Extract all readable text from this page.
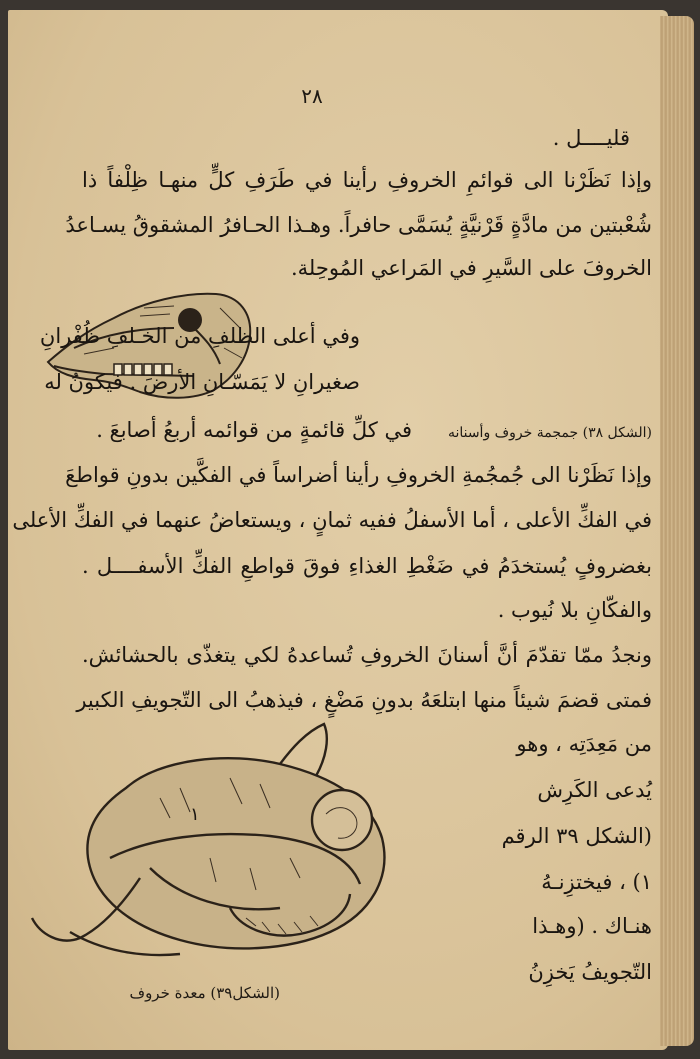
٢٨
قليــــل .
وإذا نَظَرْنا الى قوائمِ الخروفِ رأينا في طَرَفِ كلٍّ منهـا ظِلْفاً ذا
شُعْبتين من مادَّةٍ قَرْنيَّةٍ يُسَمَّى حافراً. وهـذا الحـافرُ المشقوقُ يسـاعدُ
الخروفَ على السَّيرِ في المَراعي المُوحِلة.
وفي أعلى الظلفِ من الخـلفِ ظُفْرانِ
صغيرانِ لا يَمَسّـانِ الأرضَ . فيكونُ له
في كلِّ قائمةٍ من قوائمه أربعُ أصابعَ .	(الشكل ٣٨) جمجمة خروف وأسنانه
وإذا نَظَرْنا الى جُمجُمةِ الخروفِ رأينا أضراساً في الفكَّين بدونِ قواطعَ
في الفكِّ الأعلى ، أما الأسفلُ ففيه ثمانٍ ، ويستعاضُ عنهما في الفكِّ الأعلى
بغضروفٍ يُستخدَمُ في ضَغْطِ الغذاءِ فوقَ قواطعِ الفكِّ الأسفــــل .
والفكّانِ بلا نُيوب .
ونجدُ ممّا تقدّمَ أنَّ أسنانَ الخروفِ تُساعدهُ لكي يتغذّى بالحشائش.
فمتى قضمَ شيئاً منها ابتلعَهُ بدونِ مَضْغٍ ، فيذهبُ الى التّجويفِ الكبير
من مَعِدَتِه ، وهو
يُدعى الكَرِش
(الشكل ٣٩ الرقم
١) ، فيختزِنـهُ
هنـاك . (وهـذا
التّجويفُ يَخزِنُ
١
(الشكل٣٩) معدة خروف
